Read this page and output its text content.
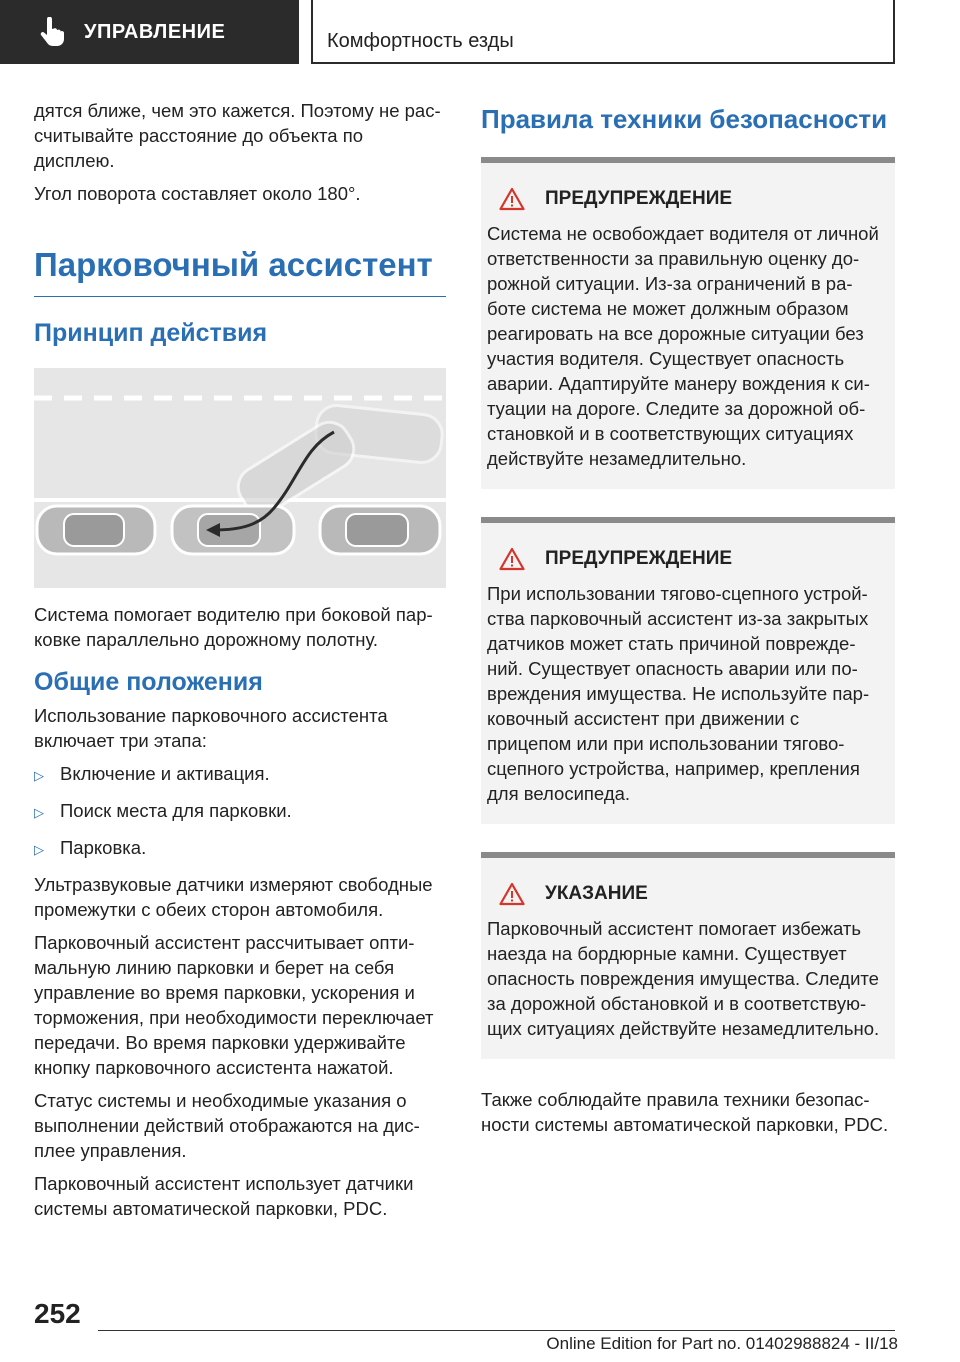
УПРАВЛЕНИЕ	Комфортность езды

дятся ближе, чем это кажется. Поэтому не рас-считывайте расстояние до объекта по дисплею.

Угол поворота составляет около 180°.

Парковочный ассистент
Принцип действия

Система помогает водителю при боковой пар-ковке параллельно дорожному полотну.

Общие положения

Использование парковочного ассистента включает три этапа:

▷ Включение и активация.
▷ Поиск места для парковки.
▷ Парковка.

Ультразвуковые датчики измеряют свободные промежутки с обеих сторон автомобиля.

Парковочный ассистент рассчитывает опти-мальную линию парковки и берет на себя управление во время парковки, ускорения и торможения, при необходимости переключает передачи. Во время парковки удерживайте кнопку парковочного ассистента нажатой.

Статус системы и необходимые указания о выполнении действий отображаются на дис-плее управления.

Парковочный ассистент использует датчики системы автоматической парковки, PDC.

Правила техники безопасности
ПРЕДУПРЕЖДЕНИЕ
Система не освобождает водителя от личной ответственности за правильную оценку до-рожной ситуации. Из-за ограничений в ра-боте система не может должным образом реагировать на все дорожные ситуации без участия водителя. Существует опасность аварии. Адаптируйте манеру вождения к си-туации на дороге. Следите за дорожной об-становкой и в соответствующих ситуациях действуйте незамедлительно.
ПРЕДУПРЕЖДЕНИЕ
При использовании тягово-сцепного устрой-ства парковочный ассистент из-за закрытых датчиков может стать причиной поврежде-ний. Существует опасность аварии или по-вреждения имущества. Не используйте пар-ковочный ассистент при движении с прицепом или при использовании тягово-сцепного устройства, например, крепления для велосипеда.
УКАЗАНИЕ
Парковочный ассистент помогает избежать наезда на бордюрные камни. Существует опасность повреждения имущества. Следите за дорожной обстановкой и в соответствую-щих ситуациях действуйте незамедлительно.

Также соблюдайте правила техники безопас-ности системы автоматической парковки, PDC.

252
Online Edition for Part no. 01402988824 - II/18
